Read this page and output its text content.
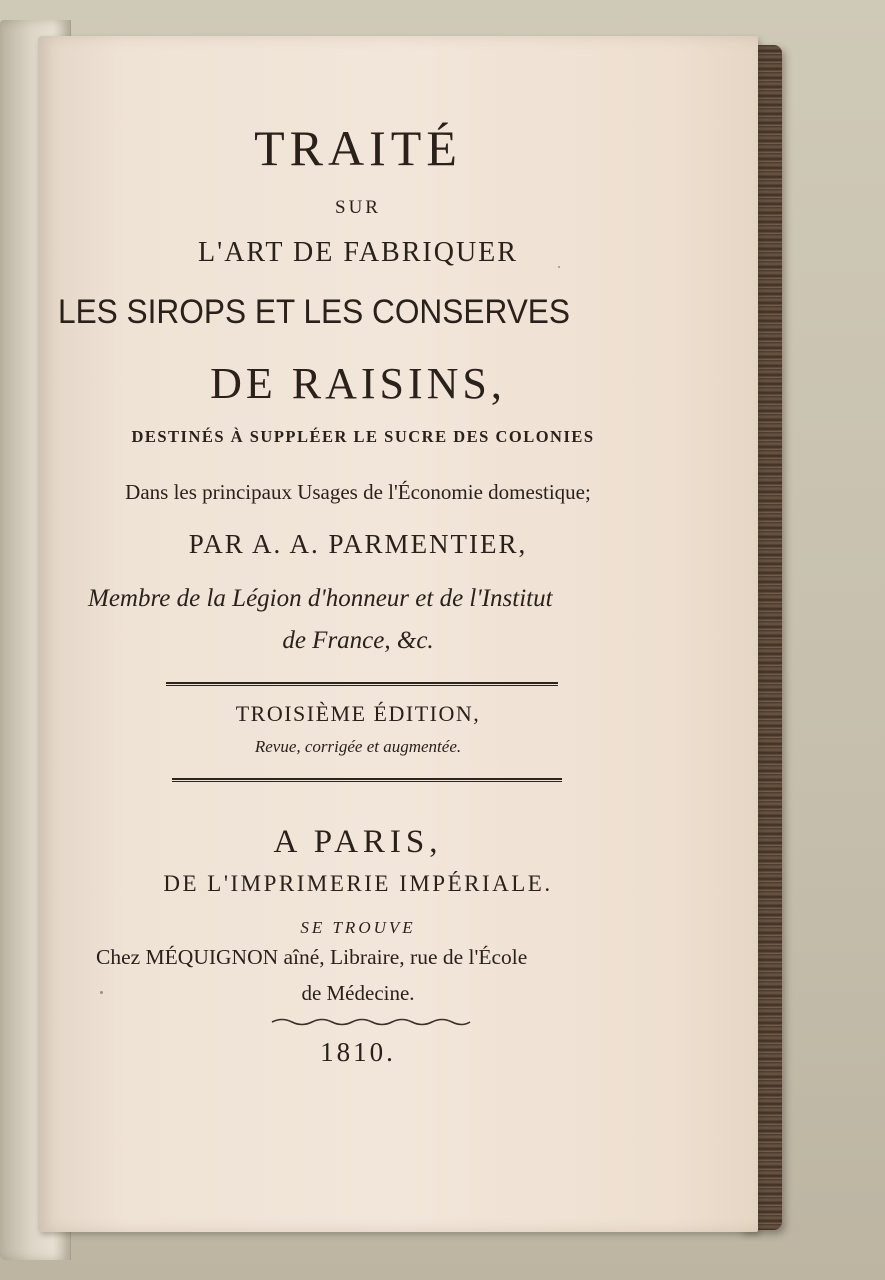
TRAITÉ

SUR

L'ART DE FABRIQUER

LES SIROPS ET LES CONSERVES

DE RAISINS,

DESTINÉS À SUPPLÉER LE SUCRE DES COLONIES

Dans les principaux Usages de l'Économie domestique;

PAR A. A. PARMENTIER,

Membre de la Légion d'honneur et de l'Institut

de France, &c.

TROISIÈME ÉDITION,

Revue, corrigée et augmentée.

A PARIS,

DE L'IMPRIMERIE IMPÉRIALE.

SE TROUVE

Chez MÉQUIGNON aîné, Libraire, rue de l'École

de Médecine.

1810.
